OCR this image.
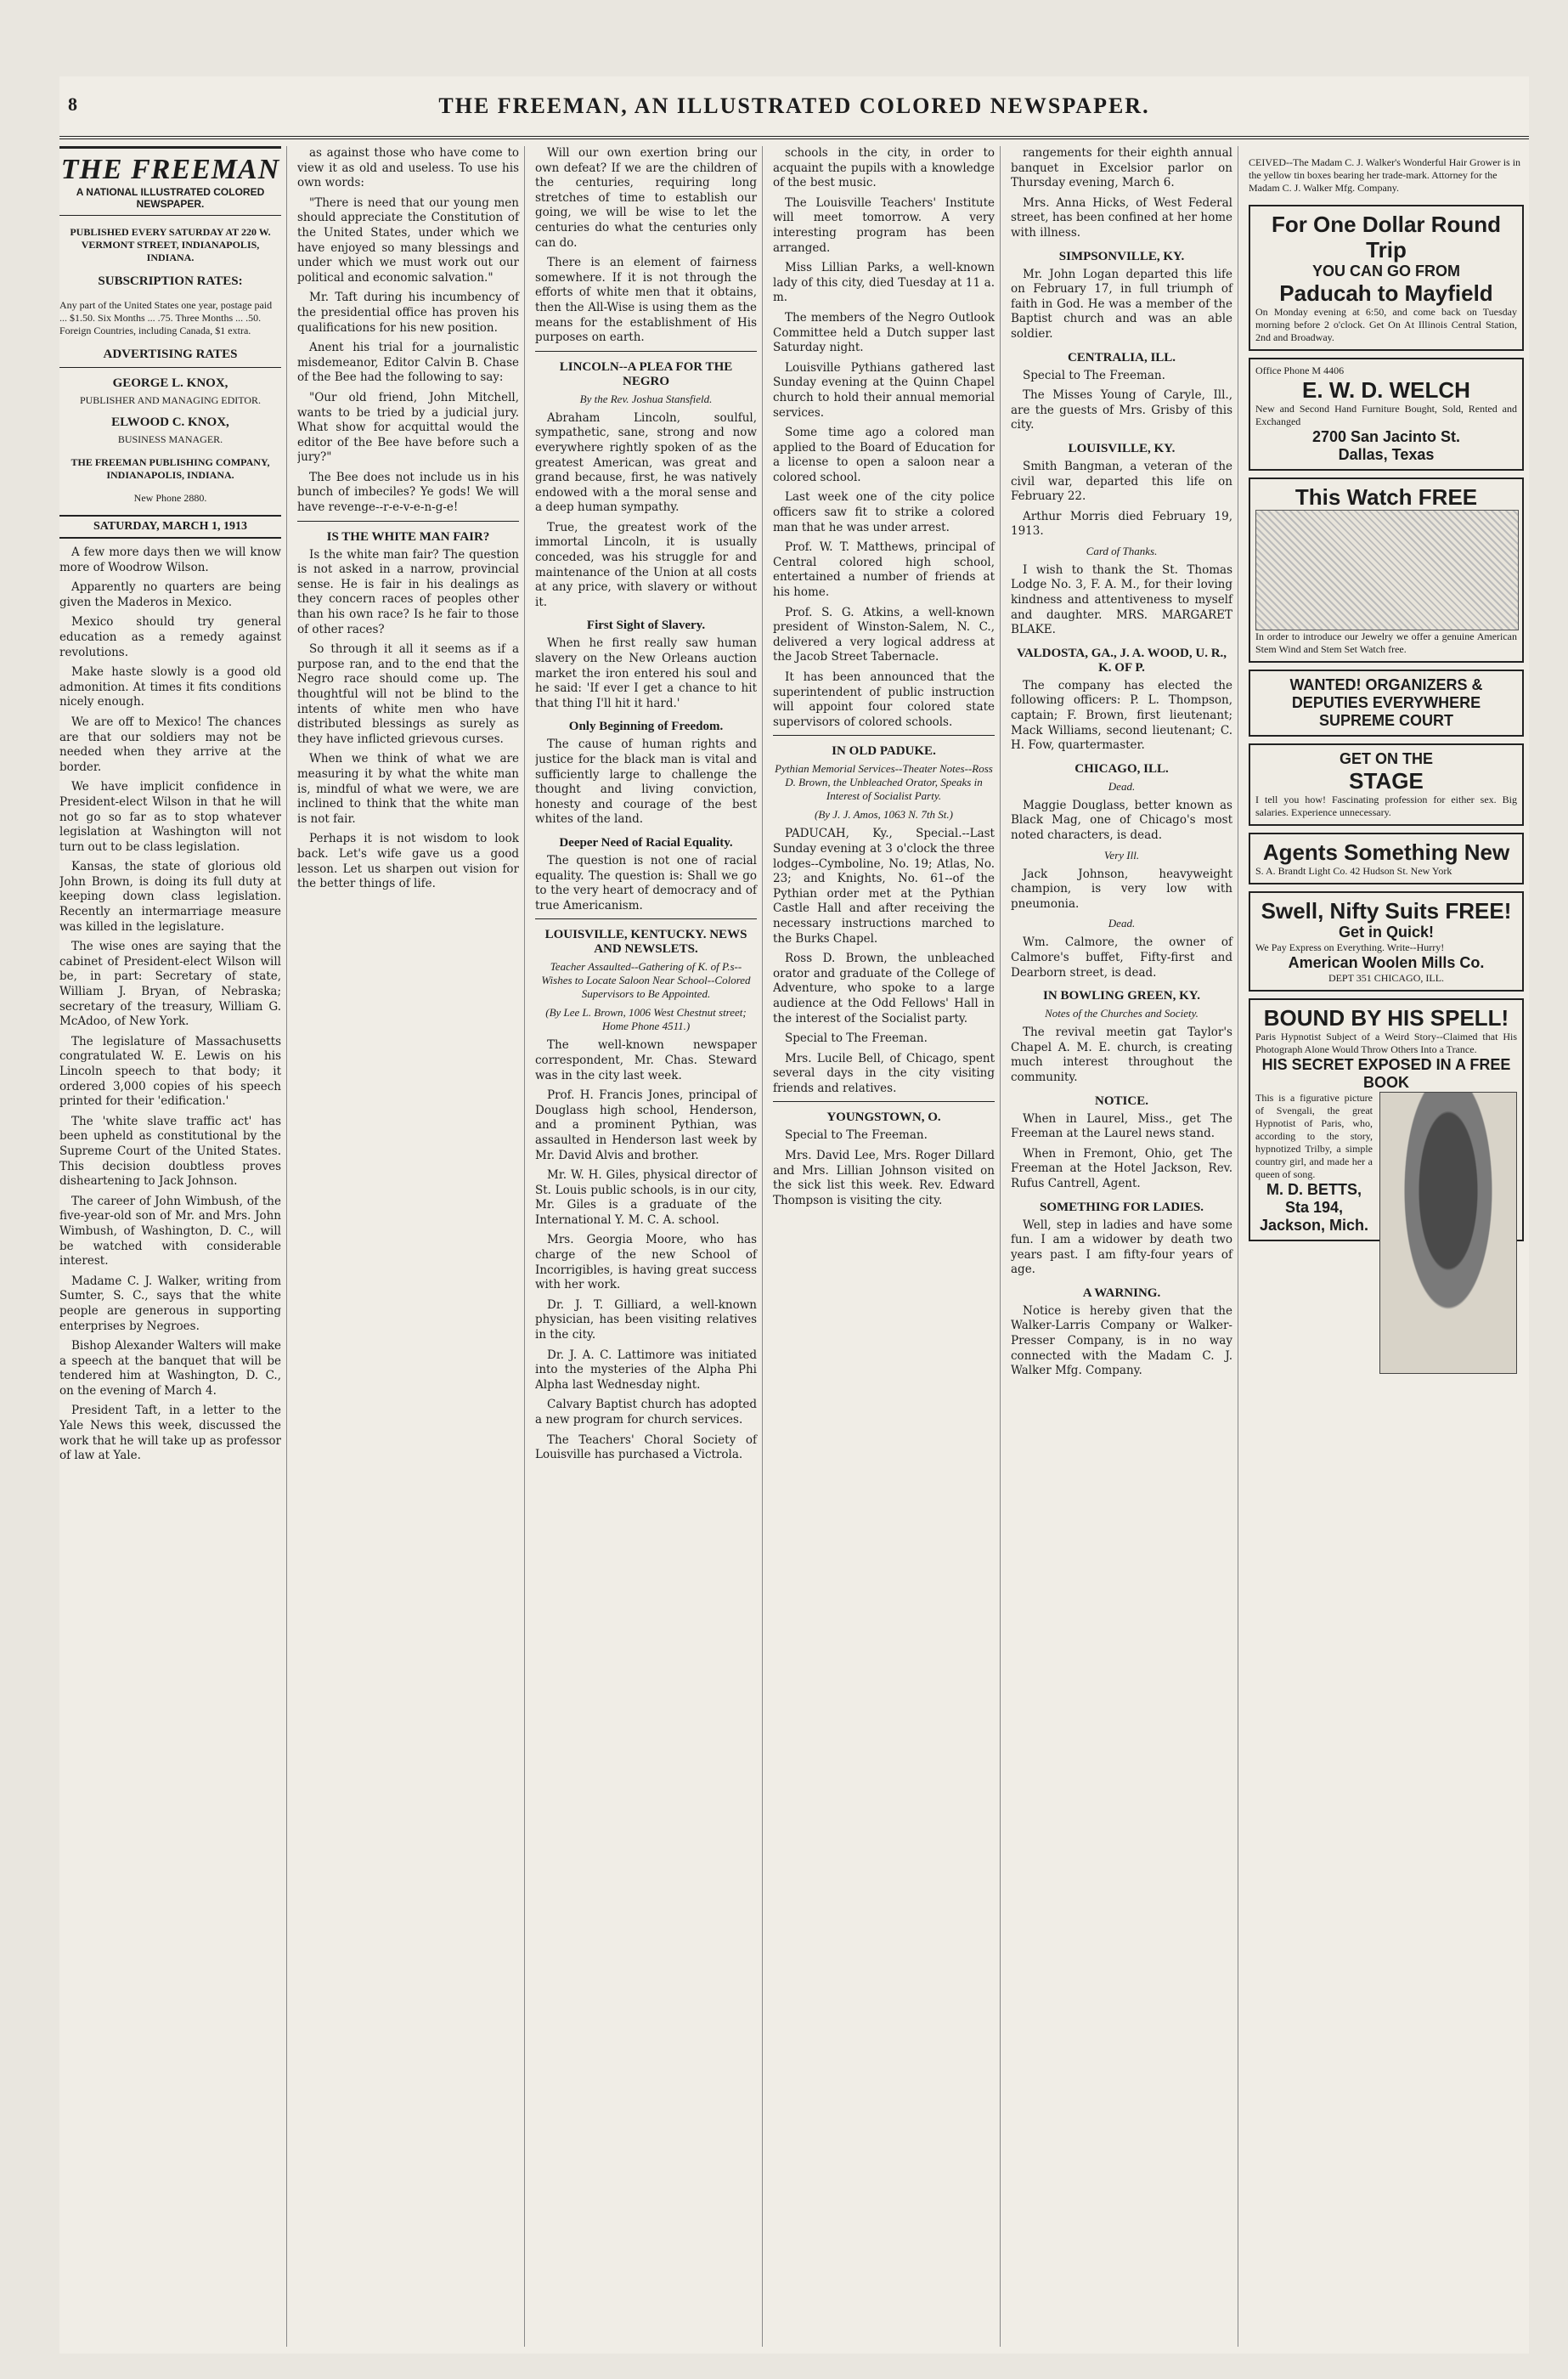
8	THE FREEMAN, AN ILLUSTRATED COLORED NEWSPAPER.
THE FREEMAN
A NATIONAL ILLUSTRATED COLORED NEWSPAPER.

PUBLISHED EVERY SATURDAY AT 220 W. VERMONT STREET, INDIANAPOLIS, INDIANA.

SUBSCRIPTION RATES:

Any part of the United States one year, postage paid ... $1.50. Six Months ... .75. Three Months ... .50. Foreign Countries, including Canada, $1 extra.

ADVERTISING RATES
GEORGE L. KNOX,
PUBLISHER AND MANAGING EDITOR.
ELWOOD C. KNOX,
BUSINESS MANAGER.

THE FREEMAN PUBLISHING COMPANY, INDIANAPOLIS, INDIANA.

New Phone 2880.

SATURDAY, MARCH 1, 1913

A few more days then we will know more of Woodrow Wilson.

Apparently no quarters are being given the Maderos in Mexico.

Mexico should try general education as a remedy against revolutions.

Make haste slowly is a good old admonition. At times it fits conditions nicely enough.

We are off to Mexico! The chances are that our soldiers may not be needed when they arrive at the border.

We have implicit confidence in President-elect Wilson in that he will not go so far as to stop whatever legislation at Washington will not turn out to be class legislation.

Kansas, the state of glorious old John Brown, is doing its full duty at keeping down class legislation. Recently an intermarriage measure was killed in the legislature.

The wise ones are saying that the cabinet of President-elect Wilson will be, in part: Secretary of state, William J. Bryan, of Nebraska; secretary of the treasury, William G. McAdoo, of New York.

The legislature of Massachusetts congratulated W. E. Lewis on his Lincoln speech to that body; it ordered 3,000 copies of his speech printed for their 'edification.'

The 'white slave traffic act' has been upheld as constitutional by the Supreme Court of the United States. This decision doubtless proves disheartening to Jack Johnson.

The career of John Wimbush, of the five-year-old son of Mr. and Mrs. John Wimbush, of Washington, D. C., will be watched with considerable interest.

Madame C. J. Walker, writing from Sumter, S. C., says that the white people are generous in supporting enterprises by Negroes.

Bishop Alexander Walters will make a speech at the banquet that will be tendered him at Washington, D. C., on the evening of March 4.

President Taft, in a letter to the Yale News this week, discussed the work that he will take up as professor of law at Yale.

as against those who have come to view it as old and useless. To use his own words:

"There is need that our young men should appreciate the Constitution of the United States, under which we have enjoyed so many blessings and under which we must work out our political and economic salvation."

Mr. Taft during his incumbency of the presidential office has proven his qualifications for his new position.

Anent his trial for a journalistic misdemeanor, Editor Calvin B. Chase of the Bee had the following to say:

"Our old friend, John Mitchell, wants to be tried by a judicial jury. What show for acquittal would the editor of the Bee have before such a jury?"

The Bee does not include us in his bunch of imbeciles? Ye gods! We will have revenge--r-e-v-e-n-g-e!

IS THE WHITE MAN FAIR?

Is the white man fair? The question is not asked in a narrow, provincial sense. He is fair in his dealings as they concern races of peoples other than his own race? Is he fair to those of other races?

So through it all it seems as if a purpose ran, and to the end that the Negro race should come up. The thoughtful will not be blind to the intents of white men who have distributed blessings as surely as they have inflicted grievous curses.

When we think of what we are measuring it by what the white man is, mindful of what we were, we are inclined to think that the white man is not fair.

Perhaps it is not wisdom to look back. Let's wife gave us a good lesson. Let us sharpen out vision for the better things of life.

Will our own exertion bring our own defeat? If we are the children of the centuries, requiring long stretches of time to establish our going, we will be wise to let the centuries do what the centuries only can do.

There is an element of fairness somewhere. If it is not through the efforts of white men that it obtains, then the All-Wise is using them as the means for the establishment of His purposes on earth.

LINCOLN--A PLEA FOR THE NEGRO
By the Rev. Joshua Stansfield.

Abraham Lincoln, soulful, sympathetic, sane, strong and now everywhere rightly spoken of as the greatest American, was great and grand because, first, he was natively endowed with a the moral sense and a deep human sympathy.

True, the greatest work of the immortal Lincoln, it is usually conceded, was his struggle for and maintenance of the Union at all costs at any price, with slavery or without it.

First Sight of Slavery.

When he first really saw human slavery on the New Orleans auction market the iron entered his soul and he said: 'If ever I get a chance to hit that thing I'll hit it hard.'

Only Beginning of Freedom.

The cause of human rights and justice for the black man is vital and sufficiently large to challenge the thought and living conviction, honesty and courage of the best whites of the land.

Deeper Need of Racial Equality.

The question is not one of racial equality. The question is: Shall we go to the very heart of democracy and of true Americanism.

LOUISVILLE, KENTUCKY. NEWS AND NEWSLETS.
Teacher Assaulted--Gathering of K. of P.s--Wishes to Locate Saloon Near School--Colored Supervisors to Be Appointed.
(By Lee L. Brown, 1006 West Chestnut street; Home Phone 4511.)

The well-known newspaper correspondent, Mr. Chas. Steward was in the city last week.

Prof. H. Francis Jones, principal of Douglass high school, Henderson, and a prominent Pythian, was assaulted in Henderson last week by Mr. David Alvis and brother.

Mr. W. H. Giles, physical director of St. Louis public schools, is in our city, Mr. Giles is a graduate of the International Y. M. C. A. school.

Mrs. Georgia Moore, who has charge of the new School of Incorrigibles, is having great success with her work.

Dr. J. T. Gilliard, a well-known physician, has been visiting relatives in the city.

Dr. J. A. C. Lattimore was initiated into the mysteries of the Alpha Phi Alpha last Wednesday night.

Calvary Baptist church has adopted a new program for church services.

The Teachers' Choral Society of Louisville has purchased a Victrola.

schools in the city, in order to acquaint the pupils with a knowledge of the best music.

The Louisville Teachers' Institute will meet tomorrow. A very interesting program has been arranged.

Miss Lillian Parks, a well-known lady of this city, died Tuesday at 11 a. m.

The members of the Negro Outlook Committee held a Dutch supper last Saturday night.

Louisville Pythians gathered last Sunday evening at the Quinn Chapel church to hold their annual memorial services.

Some time ago a colored man applied to the Board of Education for a license to open a saloon near a colored school.

Last week one of the city police officers saw fit to strike a colored man that he was under arrest.

Prof. W. T. Matthews, principal of Central colored high school, entertained a number of friends at his home.

Prof. S. G. Atkins, a well-known president of Winston-Salem, N. C., delivered a very logical address at the Jacob Street Tabernacle.

It has been announced that the superintendent of public instruction will appoint four colored state supervisors of colored schools.

IN OLD PADUKE.
Pythian Memorial Services--Theater Notes--Ross D. Brown, the Unbleached Orator, Speaks in Interest of Socialist Party.
(By J. J. Amos, 1063 N. 7th St.)

PADUCAH, Ky., Special.--Last Sunday evening at 3 o'clock the three lodges--Cymboline, No. 19; Atlas, No. 23; and Knights, No. 61--of the Pythian order met at the Pythian Castle Hall and after receiving the necessary instructions marched to the Burks Chapel.

Ross D. Brown, the unbleached orator and graduate of the College of Adventure, who spoke to a large audience at the Odd Fellows' Hall in the interest of the Socialist party.

Special to The Freeman.

Mrs. Lucile Bell, of Chicago, spent several days in the city visiting friends and relatives.

YOUNGSTOWN, O.

Special to The Freeman.

Mrs. David Lee, Mrs. Roger Dillard and Mrs. Lillian Johnson visited on the sick list this week. Rev. Edward Thompson is visiting the city.

rangements for their eighth annual banquet in Excelsior parlor on Thursday evening, March 6.

Mrs. Anna Hicks, of West Federal street, has been confined at her home with illness.

SIMPSONVILLE, KY.

Mr. John Logan departed this life on February 17, in full triumph of faith in God. He was a member of the Baptist church and was an able soldier.

CENTRALIA, ILL.

Special to The Freeman.

The Misses Young of Caryle, Ill., are the guests of Mrs. Grisby of this city.

LOUISVILLE, KY.

Smith Bangman, a veteran of the civil war, departed this life on February 22.

Arthur Morris died February 19, 1913.

Card of Thanks.

I wish to thank the St. Thomas Lodge No. 3, F. A. M., for their loving kindness and attentiveness to myself and daughter. MRS. MARGARET BLAKE.

VALDOSTA, GA., J. A. WOOD, U. R., K. OF P.

The company has elected the following officers: P. L. Thompson, captain; F. Brown, first lieutenant; Mack Williams, second lieutenant; C. H. Fow, quartermaster.

CHICAGO, ILL.
Dead.

Maggie Douglass, better known as Black Mag, one of Chicago's most noted characters, is dead.

Very Ill.

Jack Johnson, heavyweight champion, is very low with pneumonia.

Dead.

Wm. Calmore, the owner of Calmore's buffet, Fifty-first and Dearborn street, is dead.

IN BOWLING GREEN, KY.
Notes of the Churches and Society.

The revival meetin gat Taylor's Chapel A. M. E. church, is creating much interest throughout the community.

NOTICE.

When in Laurel, Miss., get The Freeman at the Laurel news stand.

When in Fremont, Ohio, get The Freeman at the Hotel Jackson, Rev. Rufus Cantrell, Agent.

SOMETHING FOR LADIES.

Well, step in ladies and have some fun. I am a widower by death two years past. I am fifty-four years of age.

A WARNING.

Notice is hereby given that the Walker-Larris Company or Walker-Presser Company, is in no way connected with the Madam C. J. Walker Mfg. Company.

CEIVED--The Madam C. J. Walker's Wonderful Hair Grower is in the yellow tin boxes bearing her trade-mark. Attorney for the Madam C. J. Walker Mfg. Company.

For One Dollar Round Trip
YOU CAN GO FROM
Paducah to Mayfield
On Monday evening at 6:50, and come back on Tuesday morning before 2 o'clock. Get On At Illinois Central Station, 2nd and Broadway.
Office Phone M 4406
E. W. D. WELCH
New and Second Hand Furniture Bought, Sold, Rented and Exchanged
2700 San Jacinto St.
Dallas, Texas
This Watch FREE
In order to introduce our Jewelry we offer a genuine American Stem Wind and Stem Set Watch free.
WANTED! ORGANIZERS & DEPUTIES EVERYWHERE
SUPREME COURT
GET ON THE
STAGE
I tell you how! Fascinating profession for either sex. Big salaries. Experience unnecessary.
Agents Something New
S. A. Brandt Light Co. 42 Hudson St. New York
Swell, Nifty Suits FREE!
Get in Quick!
We Pay Express on Everything. Write--Hurry!
American Woolen Mills Co.
DEPT 351 CHICAGO, ILL.
BOUND BY HIS SPELL!
Paris Hypnotist Subject of a Weird Story--Claimed that His Photograph Alone Would Throw Others Into a Trance.
HIS SECRET EXPOSED IN A FREE BOOK
This is a figurative picture of Svengali, the great Hypnotist of Paris, who, according to the story, hypnotized Trilby, a simple country girl, and made her a queen of song.
M. D. BETTS, Sta 194, Jackson, Mich.
